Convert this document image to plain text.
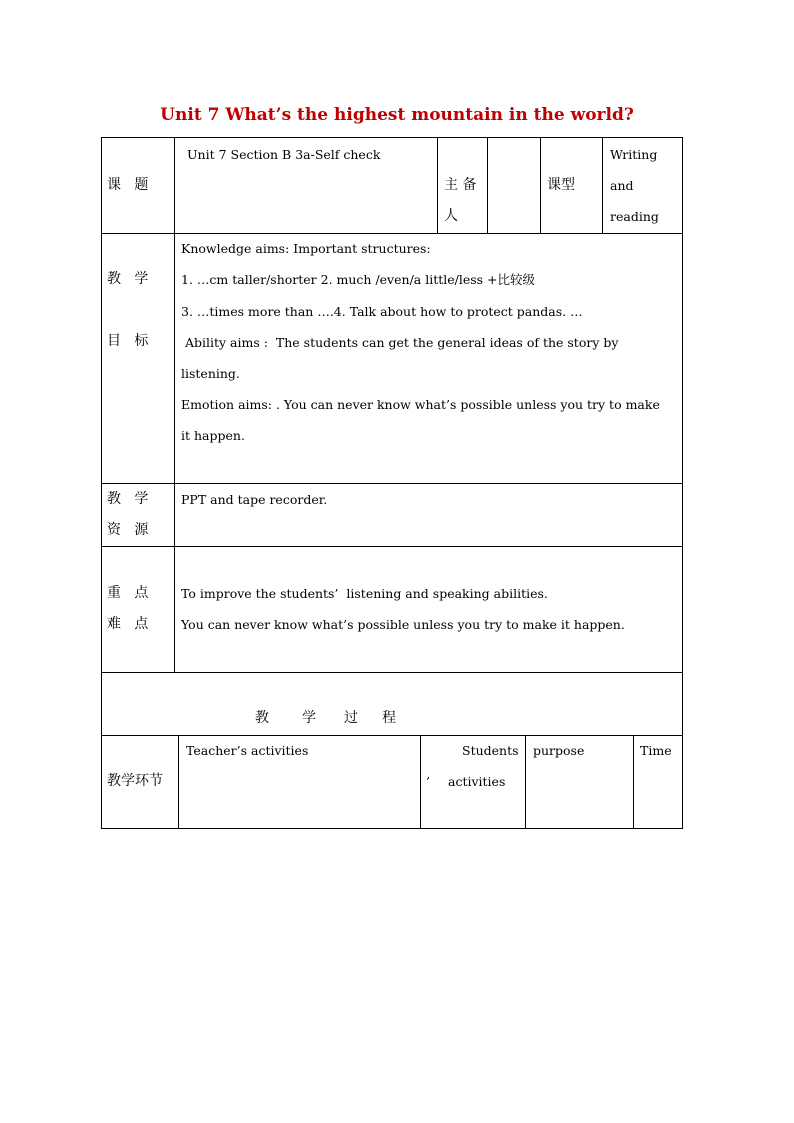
Unit 7 What’s the highest mountain in the world?
课 题
Unit 7 Section B 3a-Self check
主 备
人
课型
Writing
and
reading
教 学
目 标
Knowledge aims: Important structures:
1. …cm taller/shorter 2. much /even/a little/less +比较级
3. …times more than ….4. Talk about how to protect pandas. …
Ability aims :  The students can get the general ideas of the story by
listening.
Emotion aims: . You can never know what’s possible unless you try to make
it happen.
教 学
资 源
PPT and tape recorder.
重 点
难 点
To improve the students’  listening and speaking abilities.
You can never know what’s possible unless you try to make it happen.
教 学 过 程
教学环节
Teacher’s activities	Students
’ activities
purpose	Time
